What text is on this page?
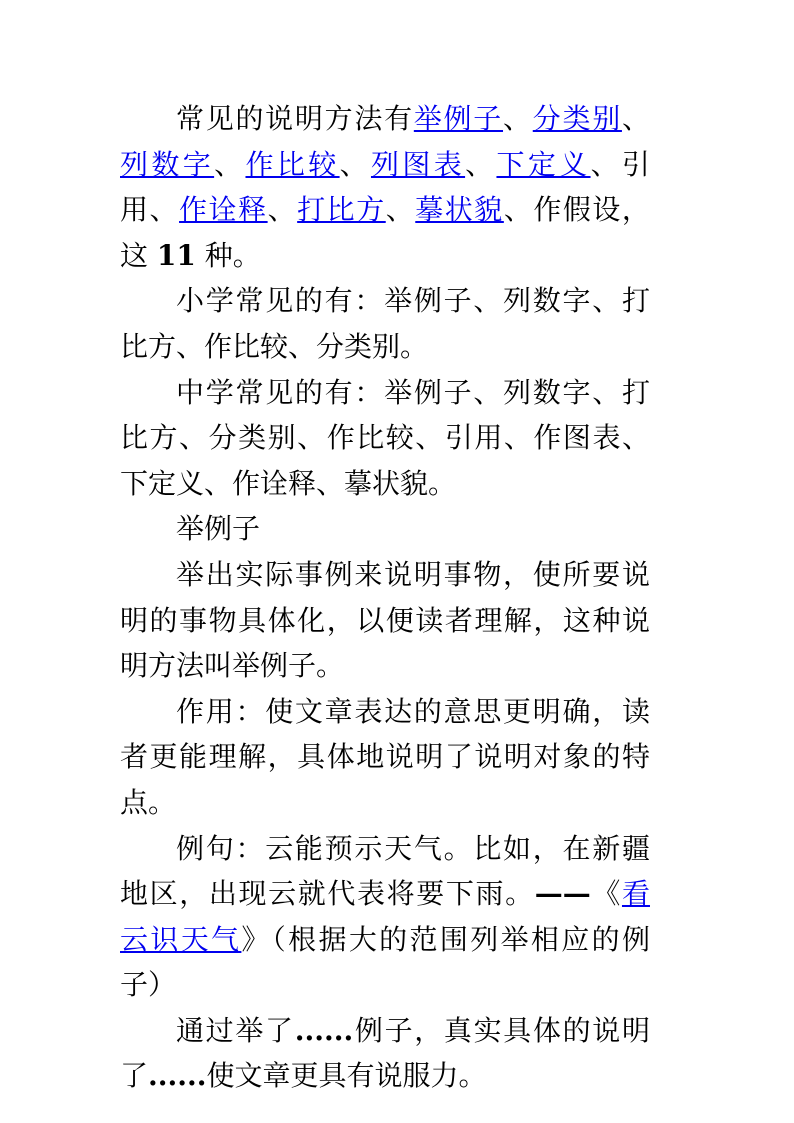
常见的说明方法有举例子、分类别、列数字、作比较、列图表、下定义、引用、作诠释、打比方、摹状貌、作假设，这 11 种。

小学常见的有：举例子、列数字、打比方、作比较、分类别。

中学常见的有：举例子、列数字、打比方、分类别、作比较、引用、作图表、下定义、作诠释、摹状貌。

举例子

举出实际事例来说明事物，使所要说明的事物具体化，以便读者理解，这种说明方法叫举例子。

作用：使文章表达的意思更明确，读者更能理解，具体地说明了说明对象的特点。

例句：云能预示天气。比如，在新疆地区，出现云就代表将要下雨。——《看云识天气》（根据大的范围列举相应的例子）

通过举了......例子，真实具体的说明了......使文章更具有说服力。
